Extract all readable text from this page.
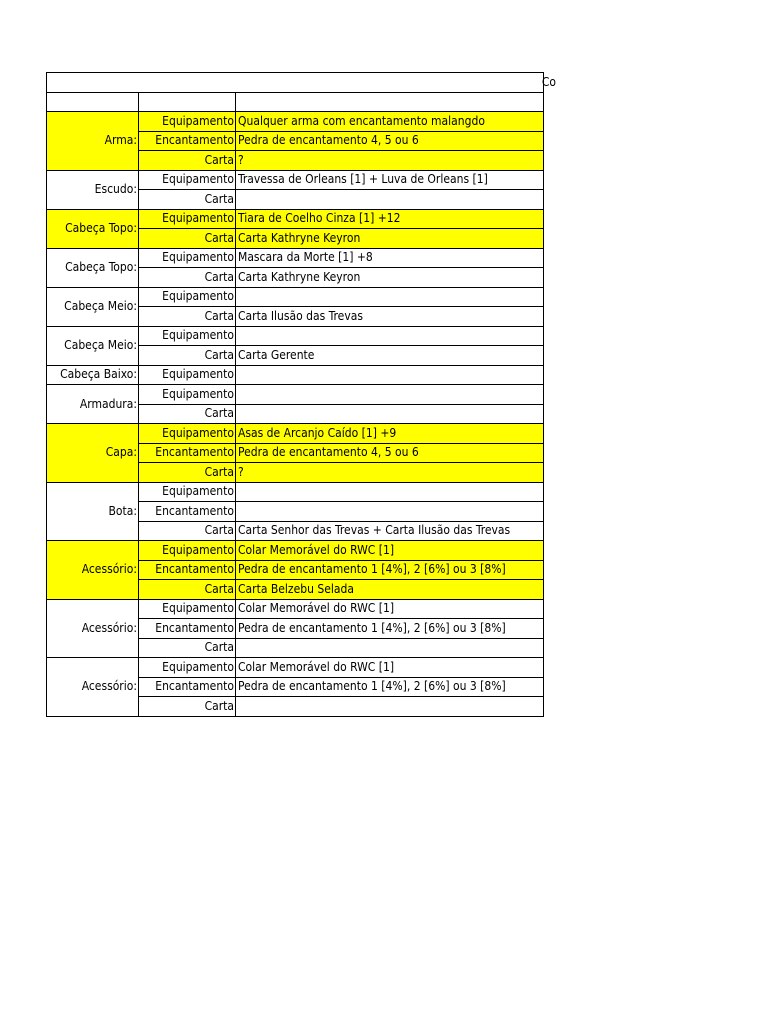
Co		

Arma:	Equipamento	Qualquer arma com encantamento malangdo
	Encantamento	Pedra de encantamento 4, 5 ou 6
	Carta	?
Escudo:	Equipamento	Travessa de Orleans [1] + Luva de Orleans [1]
	Carta	
Cabeça Topo:	Equipamento	Tiara de Coelho Cinza [1] +12
	Carta	Carta Kathryne Keyron
Cabeça Topo:	Equipamento	Mascara da Morte [1] +8
	Carta	Carta Kathryne Keyron
Cabeça Meio:	Equipamento	
	Carta	Carta Ilusão das Trevas
Cabeça Meio:	Equipamento	
	Carta	Carta Gerente
Cabeça Baixo:	Equipamento	
Armadura:	Equipamento	
	Carta	
Capa:	Equipamento	Asas de Arcanjo Caído [1] +9
	Encantamento	Pedra de encantamento 4, 5 ou 6
	Carta	?
Bota:	Equipamento	
	Encantamento	
	Carta	Carta Senhor das Trevas + Carta Ilusão das Trevas
Acessório:	Equipamento	Colar Memorável do RWC [1]
	Encantamento	Pedra de encantamento 1 [4%], 2 [6%] ou 3 [8%]
	Carta	Carta Belzebu Selada
Acessório:	Equipamento	Colar Memorável do RWC [1]
	Encantamento	Pedra de encantamento 1 [4%], 2 [6%] ou 3 [8%]
	Carta	
Acessório:	Equipamento	Colar Memorável do RWC [1]
	Encantamento	Pedra de encantamento 1 [4%], 2 [6%] ou 3 [8%]
	Carta	
